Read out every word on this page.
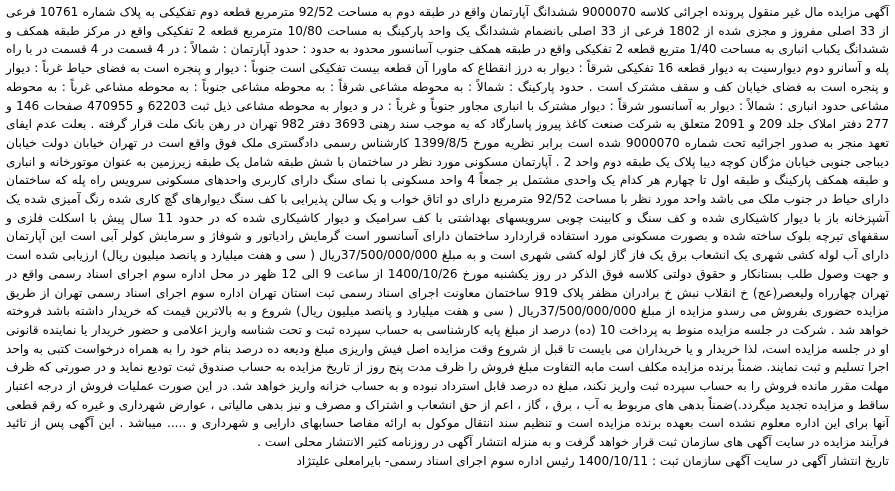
آگهی مزایده مال غیر منقول پرونده اجرائی کلاسه 9000070 ششدانگ آپارتمان واقع در طبقه دوم به مساحت 92/52 مترمربع قطعه دوم تفکیکی به پلاک شماره 10761 فرعی از 33 اصلی مفروز و مجزی شده از 1802 فرعی از 33 اصلی بانضمام ششدانگ یک واحد پارکینگ به مساحت 10/80 مترمربع قطعه 2 تفکیکی واقع در مرکز طبقه همکف و ششدانگ یکباب انباری به مساحت 1/40 متربع قطعه 2 تفکیکی واقع در طبقه همکف جنوب آسانسور محدود به حدود : حدود آپارتمان : شمالاً : در 4 قسمت در 4 قسمت در با راه پله و آسانرو دوم دیوارسیت به دیوار قطعه 16 تفکیکی شرقاً : دیوار به درز انقطاع که ماورا آن قطعه بیست تفکیکی است جنوباً : دیوار و پنجره است به فضای حیاط غرباً : دیوار و پنجره است به فضای خیابان کف و سقف مشترک است . حدود پارکینگ : شمالاً : به محوطه مشاعی شرقاً : به محوطه مشاعی جنوباً : به محوطه مشاعی غرباً : به محوطه مشاعی حدود انباری : شمالاً : دیوار به آسانسور شرقاً : دیوار مشترک با انباری مجاور جنوباً و غرباً : در و دیوار به محوطه مشاعی ذیل ثبت 62203 و 470955 صفحات 146 و 277 دفتر املاک جلد 209 و 2091 متعلق به شرکت صنعت کاغذ پیروز پاسارگاد که به موجب سند رهنی 3693 دفتر 982 تهران در رهن بانک ملت قرار گرفته . بعلت عدم ایفای تعهد منجر به صدور اجرائیه تحت شماره 9000070 شده است برابر نظریه مورخ 1399/8/5 کارشناس رسمی دادگستری ملک فوق واقع است در تهران خیابان دولت خیابان دیباجی جنوبی خیابان مژگان کوچه دیبا پلاک یک طبقه دوم واحد 2 . آپارتمان مسکونی مورد نظر در ساختمان با شش طبقه شامل یک طبقه زیرزمین به عنوان موتورخانه و انباری و طبقه همکف پارکینگ و طبقه اول تا چهارم هر کدام یک واحدی مشتمل بر جمعاً 4 واحد مسکونی با نمای سنگ دارای کاربری واحدهای مسکونی سرویس راه پله که ساختمان دارای حیاط در جنوب ملک می باشد واحد مورد نظر با مساحت 92/52 مترمربع دارای دو اتاق خواب و یک سالن پذیرایی با کف سنگ دیوارهای گچ کاری شده رنگ آمیزی شده یک آشپزخانه باز با دیوار کاشیکاری شده و کف سنگ و کابینت چوبی سرویسهای بهداشتی با کف سرامیک و دیوار کاشیکاری شده که در حدود 11 سال پیش با اسکلت فلزی و سقفهای تیرچه بلوک ساخته شده و بصورت مسکونی مورد استفاده قراردارد ساختمان دارای آسانسور است گرمایش رادیاتور و شوفاژ و سرمایش کولر آبی است این آپارتمان دارای آب لوله کشی شهری یک انشعاب برق یک فاز گاز لوله کشی شهری است و به مبلغ 37/500/000/000ریال ( سی و هفت میلیارد و پانصد میلیون ریال) ارزیابی شده است و جهت وصول طلب بستانکار و حقوق دولتی کلاسه فوق الذکر در روز یکشنبه مورخ 1400/10/26 از ساعت 9 الی 12 ظهر در محل اداره سوم اجرای اسناد رسمی واقع در تهران چهارراه ولیعصر(عج) خ انقلاب نبش خ برادران مظفر پلاک 919 ساختمان معاونت اجرای اسناد رسمی ثبت استان تهران اداره سوم اجرای اسناد رسمی تهران از طریق مزایده حضوری بفروش می رسدو مزایده از مبلغ 37/500/000/000ریال ( سی و هفت میلیارد و پانصد میلیون ریال) شروع و به بالاترین قیمت که خریدار داشته باشد فروخته خواهد شد . شرکت در جلسه مزایده منوط به پرداخت 10 (ده) درصد از مبلغ پایه کارشناسی به حساب سپرده ثبت و تحت شناسه واریز اعلامی و حضور خریدار یا نماینده قانونی او در جلسه مزایده است، لذا خریدار و یا خریداران می بایست تا قبل از شروع وقت مزایده اصل فیش واریزی مبلغ ودیعه ده درصد بنام خود را به همراه درخواست کتبی به واحد اجرا تسلیم و ثبت نمایند. ضمناً برنده مزایده مکلف است مابه التفاوت مبلغ فروش را ظرف مدت پنج روز از تاریخ مزایده به حساب صندوق ثبت تودیع نماید و در صورتی که ظرف مهلت مقرر مانده فروش را به حساب سپرده ثبت واریز نکند، مبلغ ده درصد قابل استرداد نبوده و به حساب خزانه واریز خواهد شد. در این صورت عملیات فروش از درجه اعتبار ساقط و مزایده تجدید میگردد.)ضمناً بدهی های مربوط به آب ، برق ، گاز ، اعم از حق انشعاب و اشتراک و مصرف و نیز بدهی مالیاتی ، عوارض شهرداری و غیره که رقم قطعی آنها برای این اداره معلوم نشده است بعهده برنده مزایده است و تنظیم سند انتقال موکول به ارائه مفاصا حسابهای دارایی و شهرداری و ..... میباشد . این آگهی پس از تائید فرآیند مزایده در سایت آگهی های سازمان ثبت قرار خواهد گرفت و به منزله انتشار آگهی در روزنامه کثیر الانتشار محلی است .

تاریخ انتشار آگهی در سایت آگهی سازمان ثبت : 1400/10/11 رئیس اداره سوم اجرای اسناد رسمی- بایرامعلی علیتژاد
